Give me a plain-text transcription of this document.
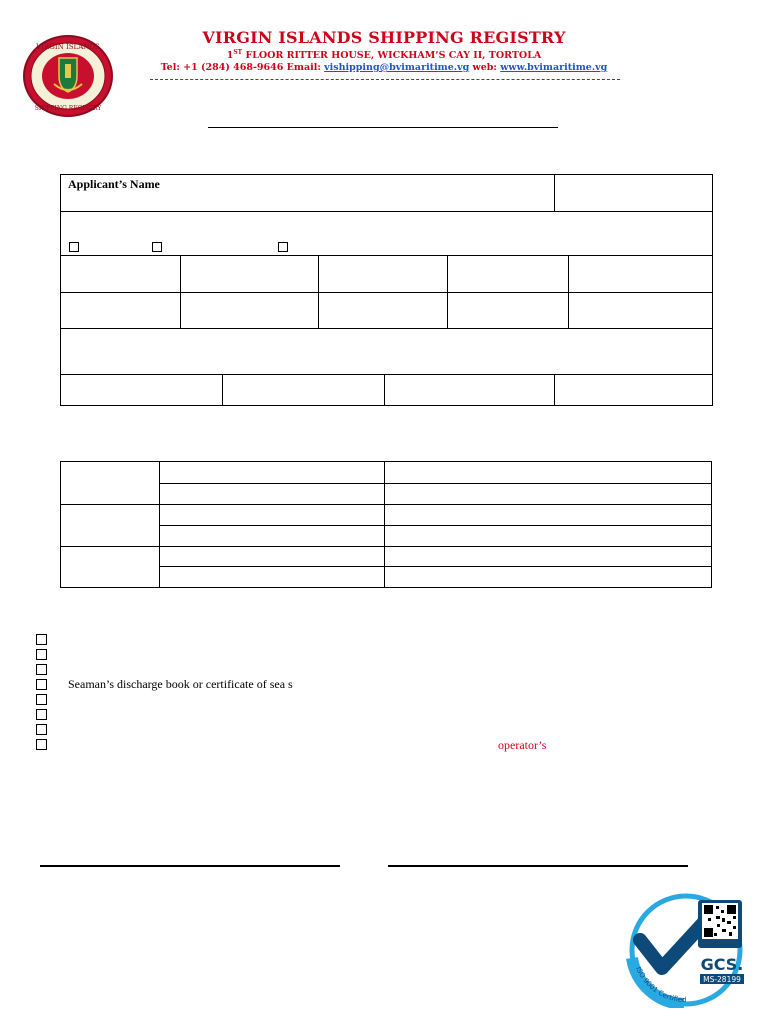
VIRGIN ISLANDS
SHIPPING REGISTRY
VIRGIN ISLANDS SHIPPING REGISTRY
1ST FLOOR RITTER HOUSE, WICKHAM’S CAY II, TORTOLA
Tel: +1 (284) 468-9646 Email: vishipping@bvimaritime.vg web: www.bvimaritime.vg
Applicant’s Name
Seaman’s discharge book or certificate of sea s
operator’s
GCS.
MS-28199
ISO 9001 Certified
